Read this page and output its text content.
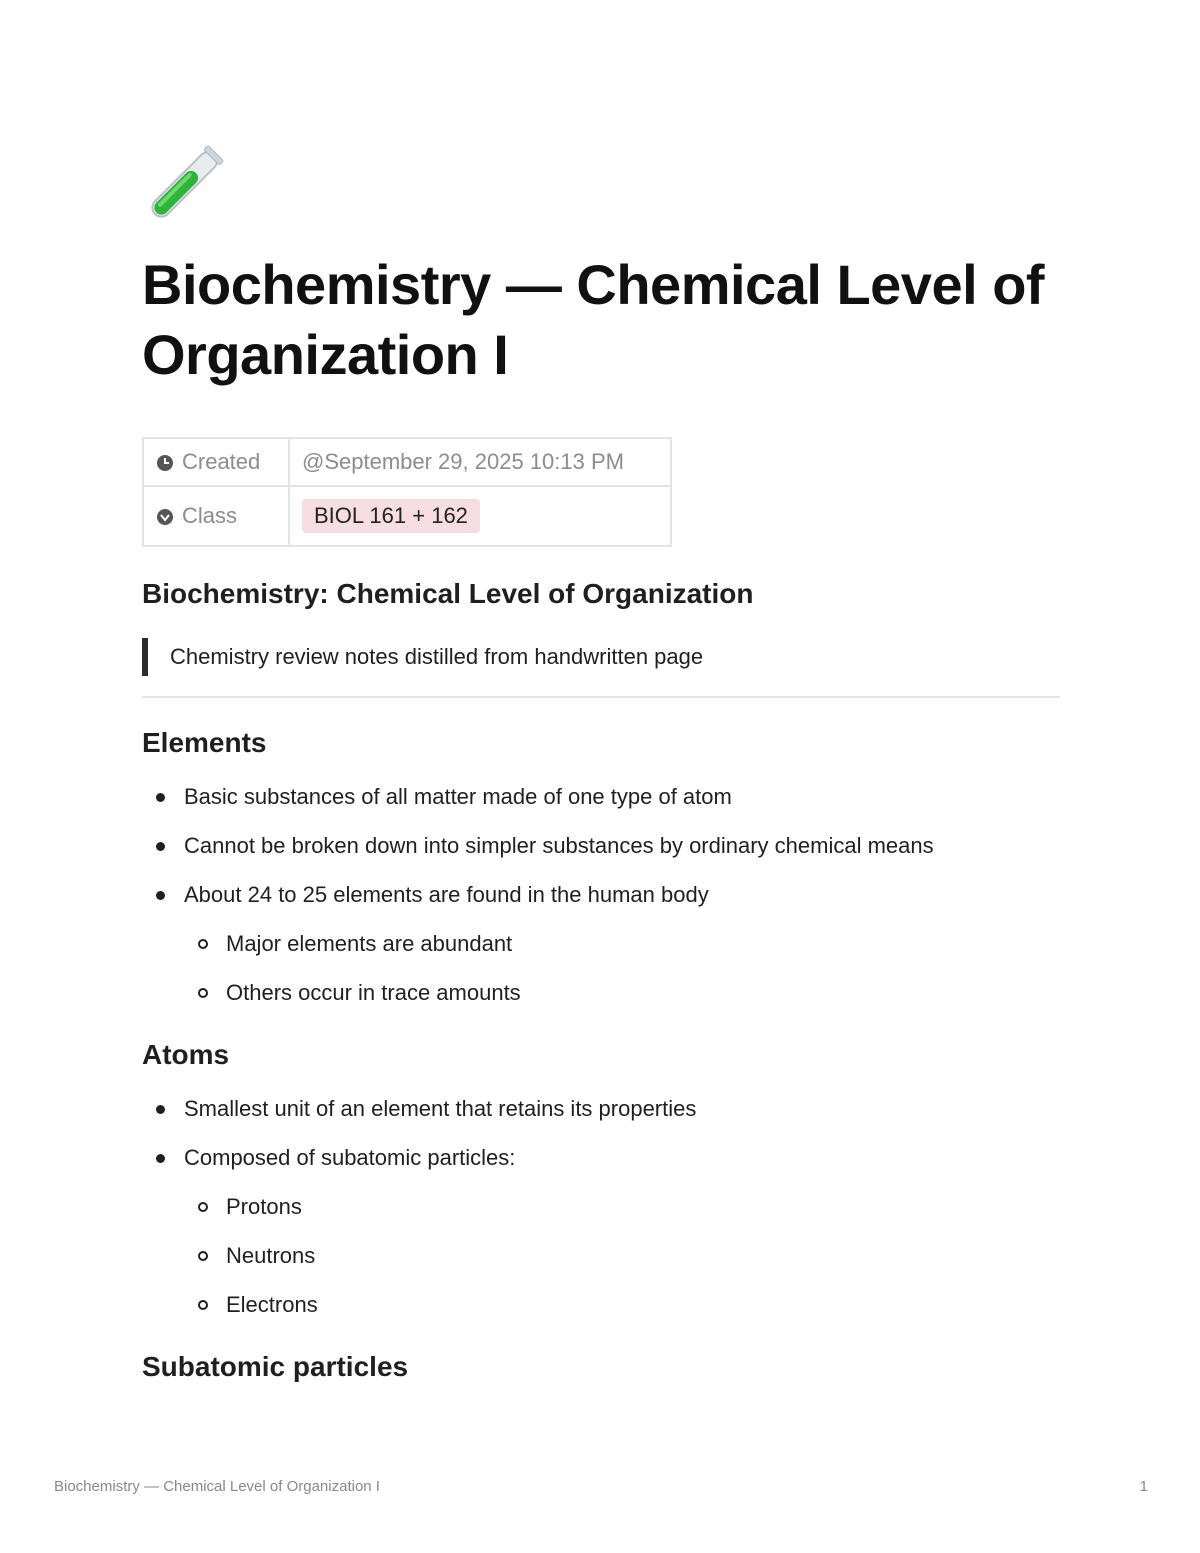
Biochemistry — Chemical Level of Organization I
Created	@September 29, 2025 10:13 PM
Class	BIOL 161 + 162
Biochemistry: Chemical Level of Organization
Chemistry review notes distilled from handwritten page
Elements
Basic substances of all matter made of one type of atom
Cannot be broken down into simpler substances by ordinary chemical means
About 24 to 25 elements are found in the human body
Major elements are abundant
Others occur in trace amounts
Atoms
Smallest unit of an element that retains its properties
Composed of subatomic particles:
Protons
Neutrons
Electrons
Subatomic particles
Biochemistry — Chemical Level of Organization I	1
